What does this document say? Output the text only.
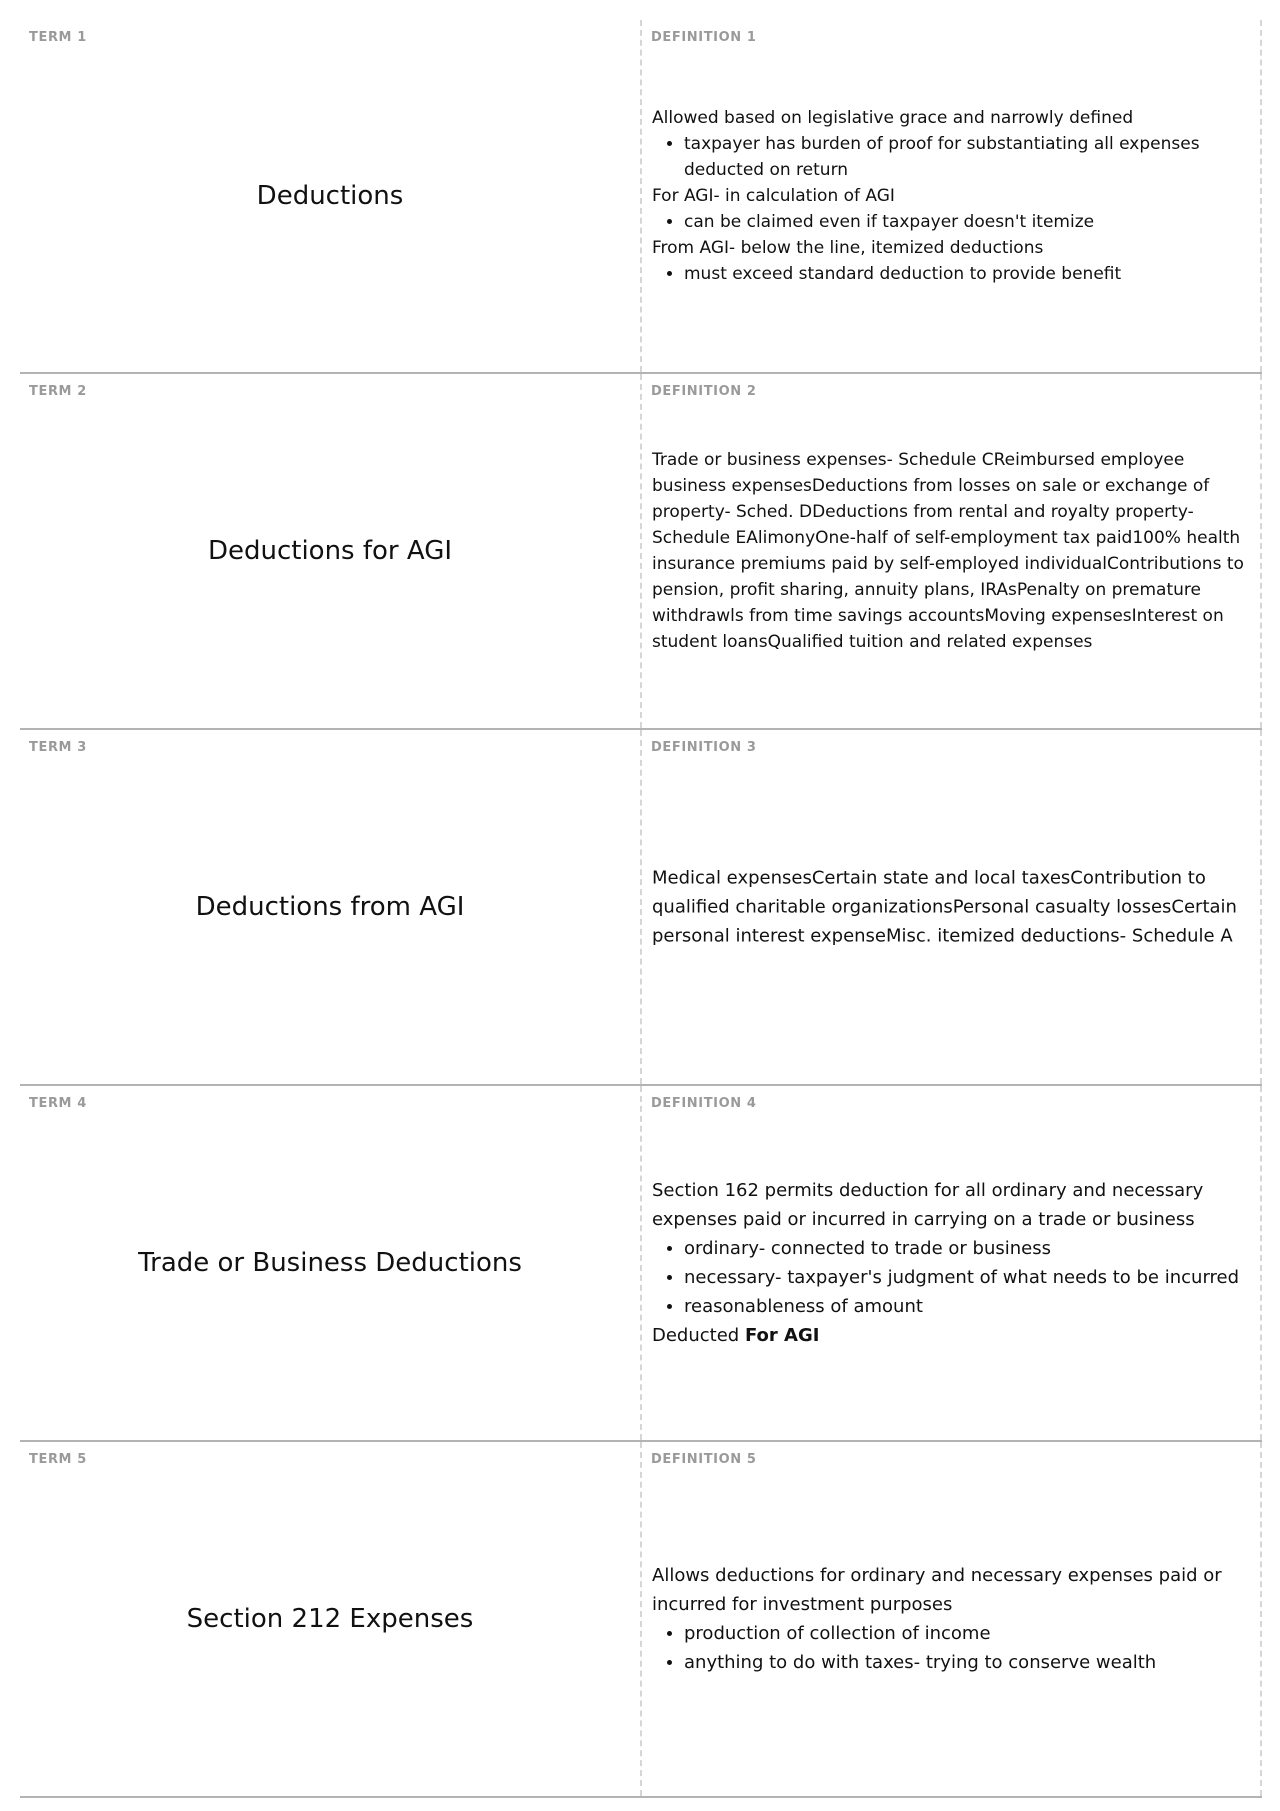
TERM 1
Deductions
DEFINITION 1

Allowed based on legislative grace and narrowly defined

• taxpayer has burden of proof for substantiating all expenses deducted on return

For AGI- in calculation of AGI

• can be claimed even if taxpayer doesn't itemize

From AGI- below the line, itemized deductions

• must exceed standard deduction to provide benefit
TERM 2
Deductions for AGI
DEFINITION 2

Trade or business expenses- Schedule CReimbursed employee business expensesDeductions from losses on sale or exchange of property- Sched. DDeductions from rental and royalty property- Schedule EAlimonyOne-half of self-employment tax paid100% health insurance premiums paid by self-employed individualContributions to pension, profit sharing, annuity plans, IRAsPenalty on premature withdrawls from time savings accountsMoving expensesInterest on student loansQualified tuition and related expenses

TERM 3
Deductions from AGI
DEFINITION 3

Medical expensesCertain state and local taxesContribution to qualified charitable organizationsPersonal casualty lossesCertain personal interest expenseMisc. itemized deductions- Schedule A

TERM 4
Trade or Business Deductions
DEFINITION 4

Section 162 permits deduction for all ordinary and necessary expenses paid or incurred in carrying on a trade or business

• ordinary- connected to trade or business
• necessary- taxpayer's judgment of what needs to be incurred
• reasonableness of amount

Deducted For AGI

TERM 5
Section 212 Expenses
DEFINITION 5

Allows deductions for ordinary and necessary expenses paid or incurred for investment purposes

• production of collection of income
• anything to do with taxes- trying to conserve wealth
